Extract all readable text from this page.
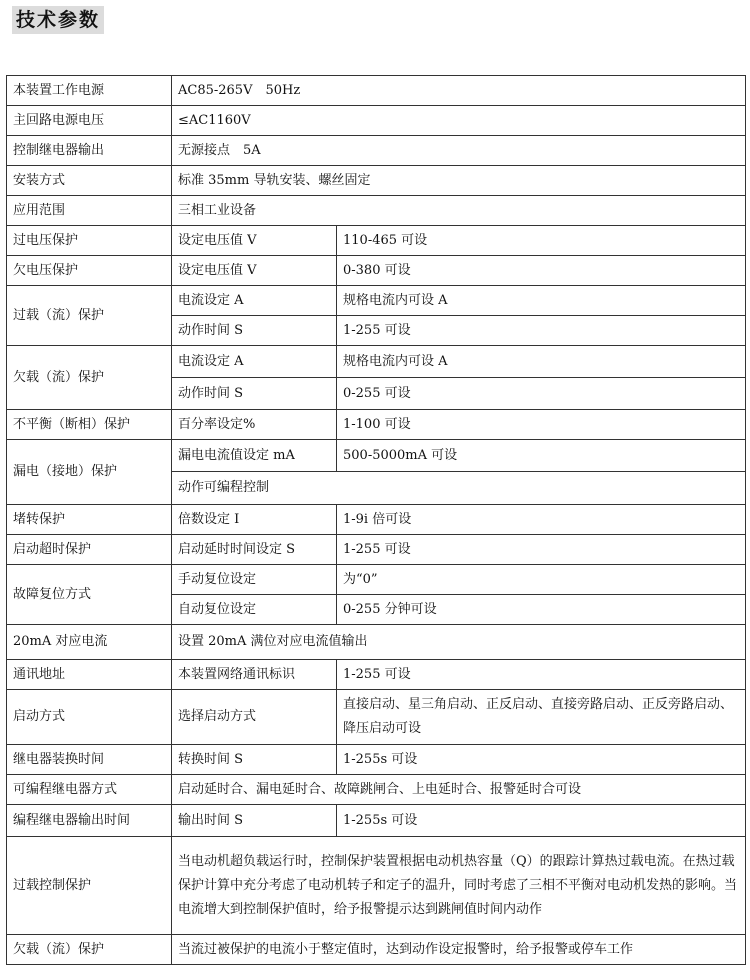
技术参数
本装置工作电源	AC85-265V　50Hz	
主回路电源电压	≤AC1160V	
控制继电器输出	无源接点　5A	
安装方式	标准 35mm 导轨安装、螺丝固定	
应用范围	三相工业设备	
过电压保护	设定电压值 V	110-465 可设
欠电压保护	设定电压值 V	0-380 可设
过载（流）保护	电流设定 A	规格电流内可设 A
	动作时间 S	1-255 可设
欠载（流）保护	电流设定 A	规格电流内可设 A
	动作时间 S	0-255 可设
不平衡（断相）保护	百分率设定%	1-100 可设
漏电（接地）保护	漏电电流值设定 mA	500-5000mA 可设
	动作可编程控制	
堵转保护	倍数设定 I	1-9i 倍可设
启动超时保护	启动延时时间设定 S	1-255 可设
故障复位方式	手动复位设定	为“0”
	自动复位设定	0-255 分钟可设
20mA 对应电流	设置 20mA 满位对应电流值输出	
通讯地址	本装置网络通讯标识	1-255 可设
启动方式	选择启动方式	直接启动、星三角启动、正反启动、直接旁路启动、正反旁路启动、降压启动可设
继电器装换时间	转换时间 S	1-255s 可设
可编程继电器方式	启动延时合、漏电延时合、故障跳闸合、上电延时合、报警延时合可设	
编程继电器输出时间	输出时间 S	1-255s 可设
过载控制保护	当电动机超负载运行时，控制保护装置根据电动机热容量（Q）的跟踪计算热过载电流。在热过载保护计算中充分考虑了电动机转子和定子的温升，同时考虑了三相不平衡对电动机发热的影响。当电流增大到控制保护值时，给予报警提示达到跳闸值时间内动作	
欠载（流）保护	当流过被保护的电流小于整定值时，达到动作设定报警时，给予报警或停车工作	
